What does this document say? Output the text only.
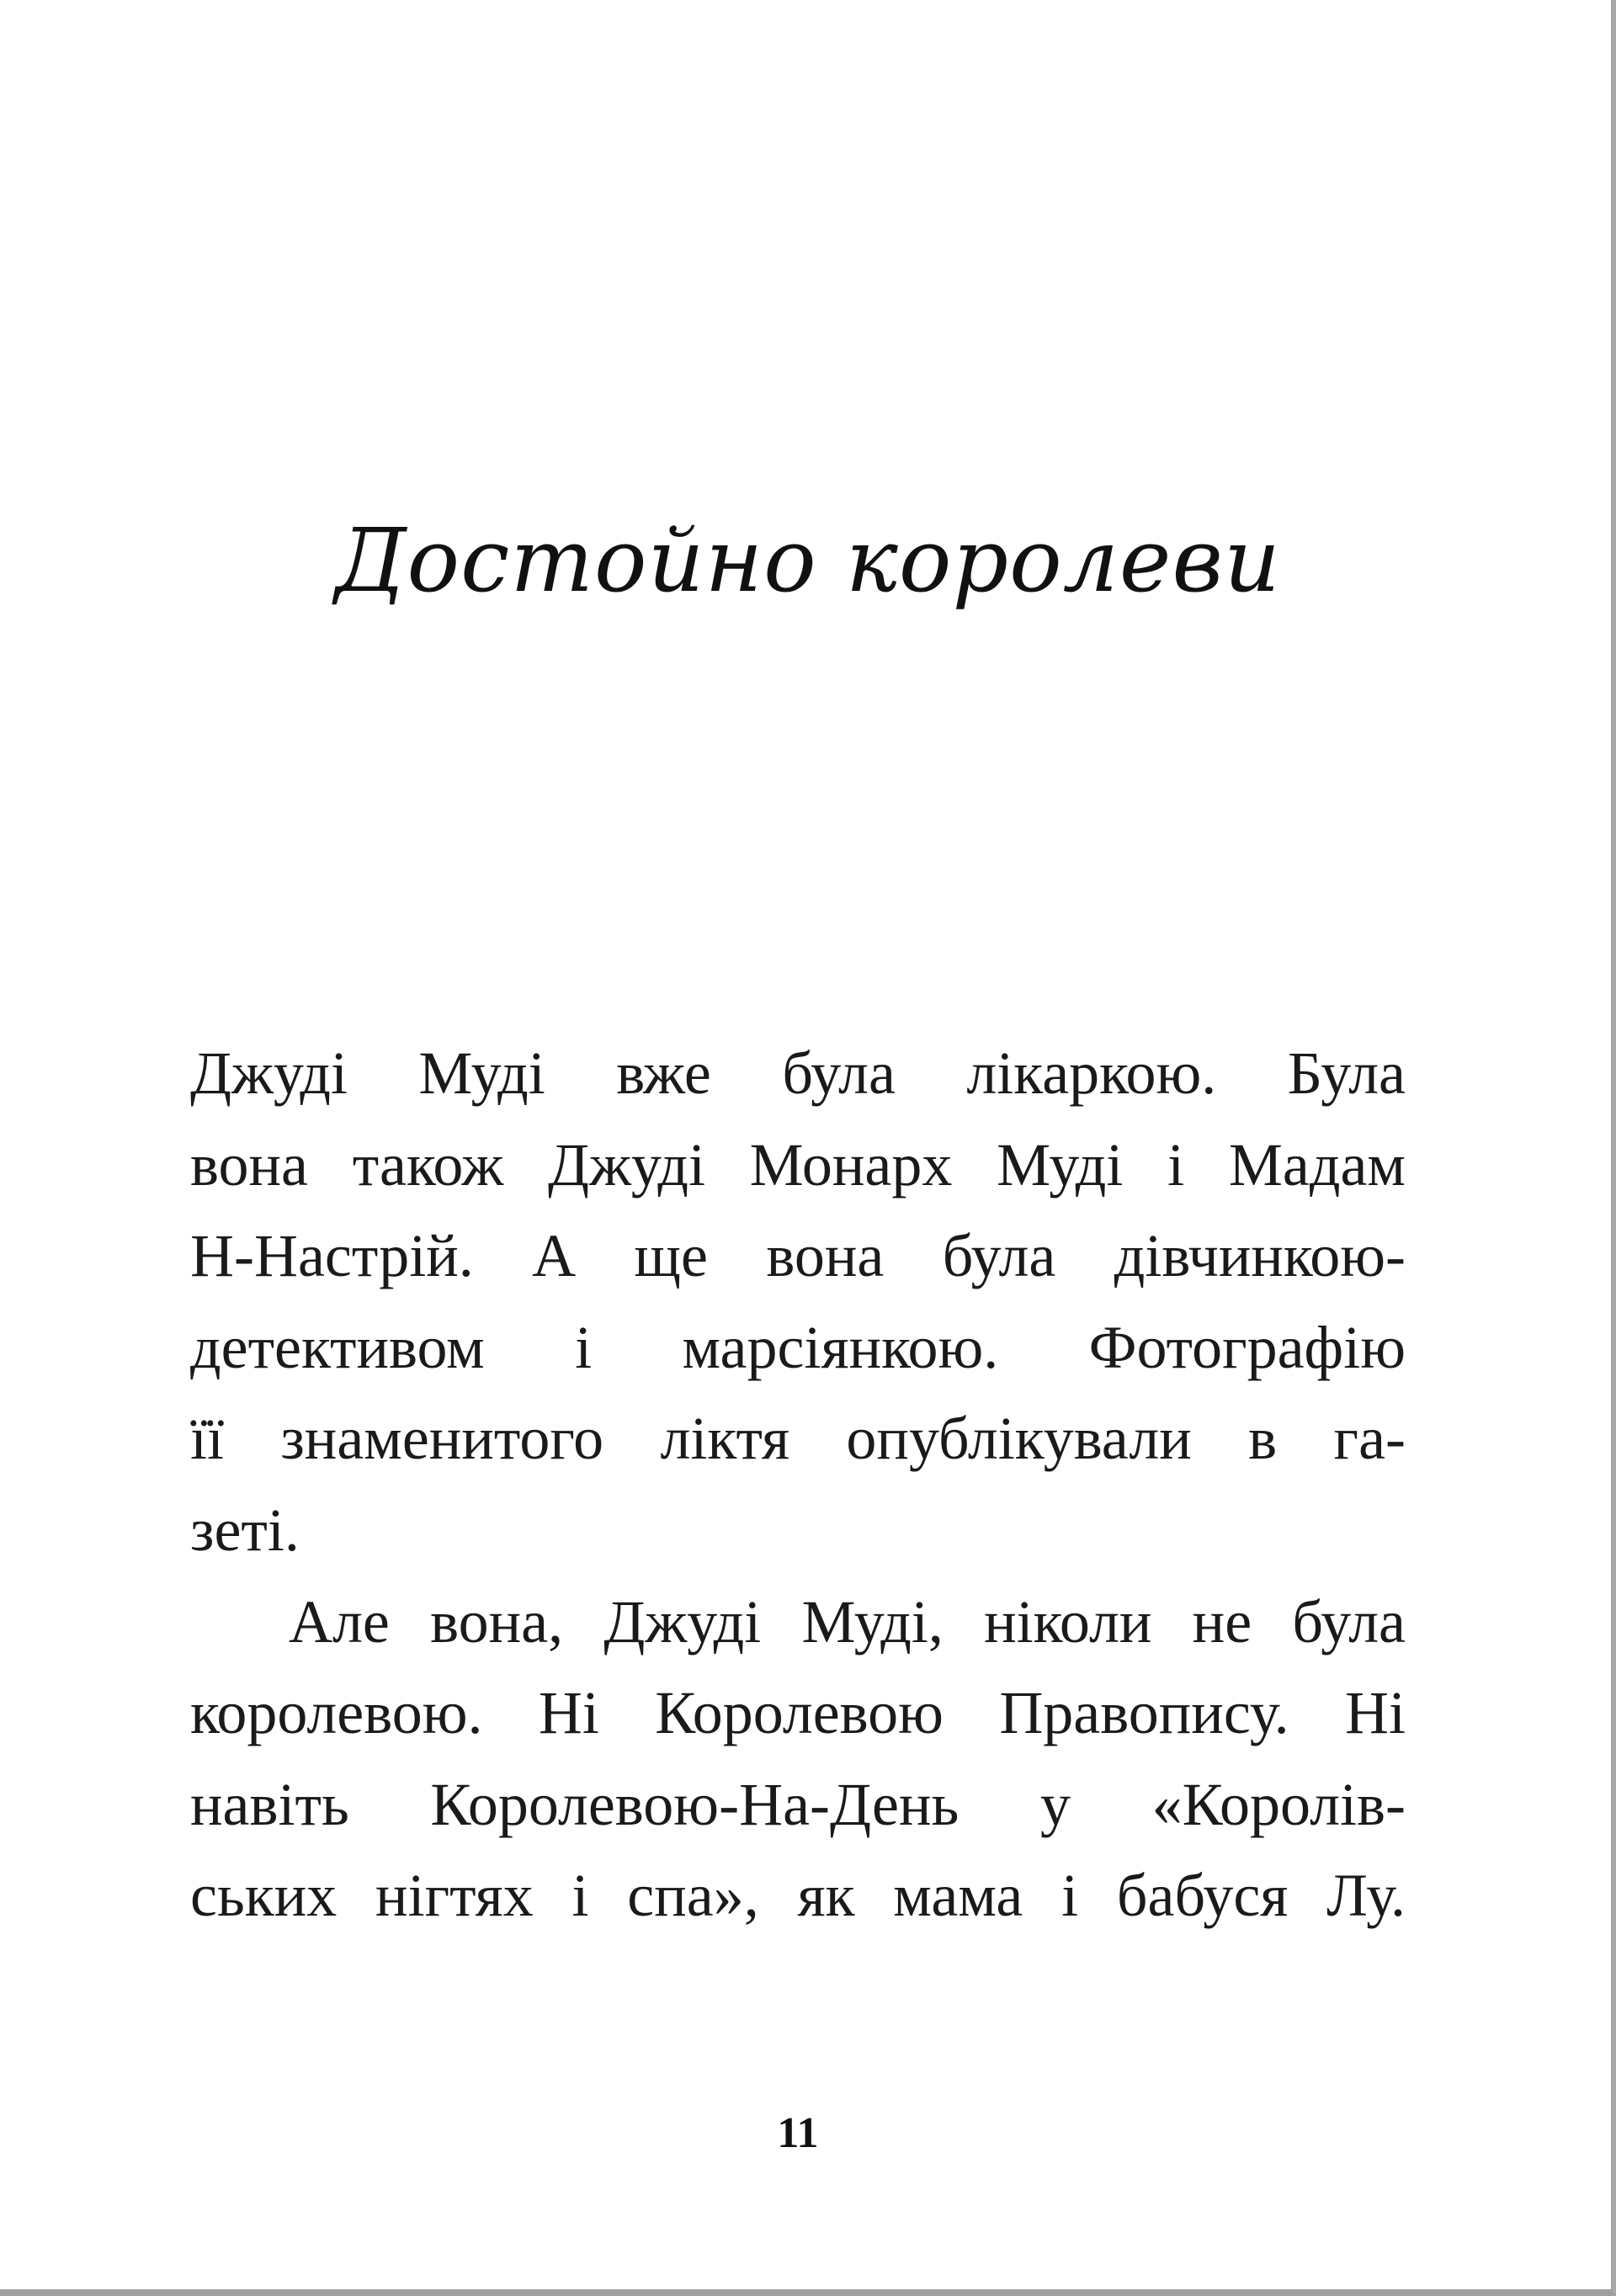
Достойно королеви
Джуді Муді вже була лікаркою. Була
вона також Джуді Монарх Муді і Мадам
Н-Настрій. А ще вона була дівчинкою-
детективом і марсіянкою. Фотографію
її знаменитого ліктя опублікували в га-
зеті.
Але вона, Джуді Муді, ніколи не була
королевою. Ні Королевою Правопису. Ні
навіть Королевою-На-День у «Королів-
ських нігтях і спа», як мама і бабуся Лу.
11
